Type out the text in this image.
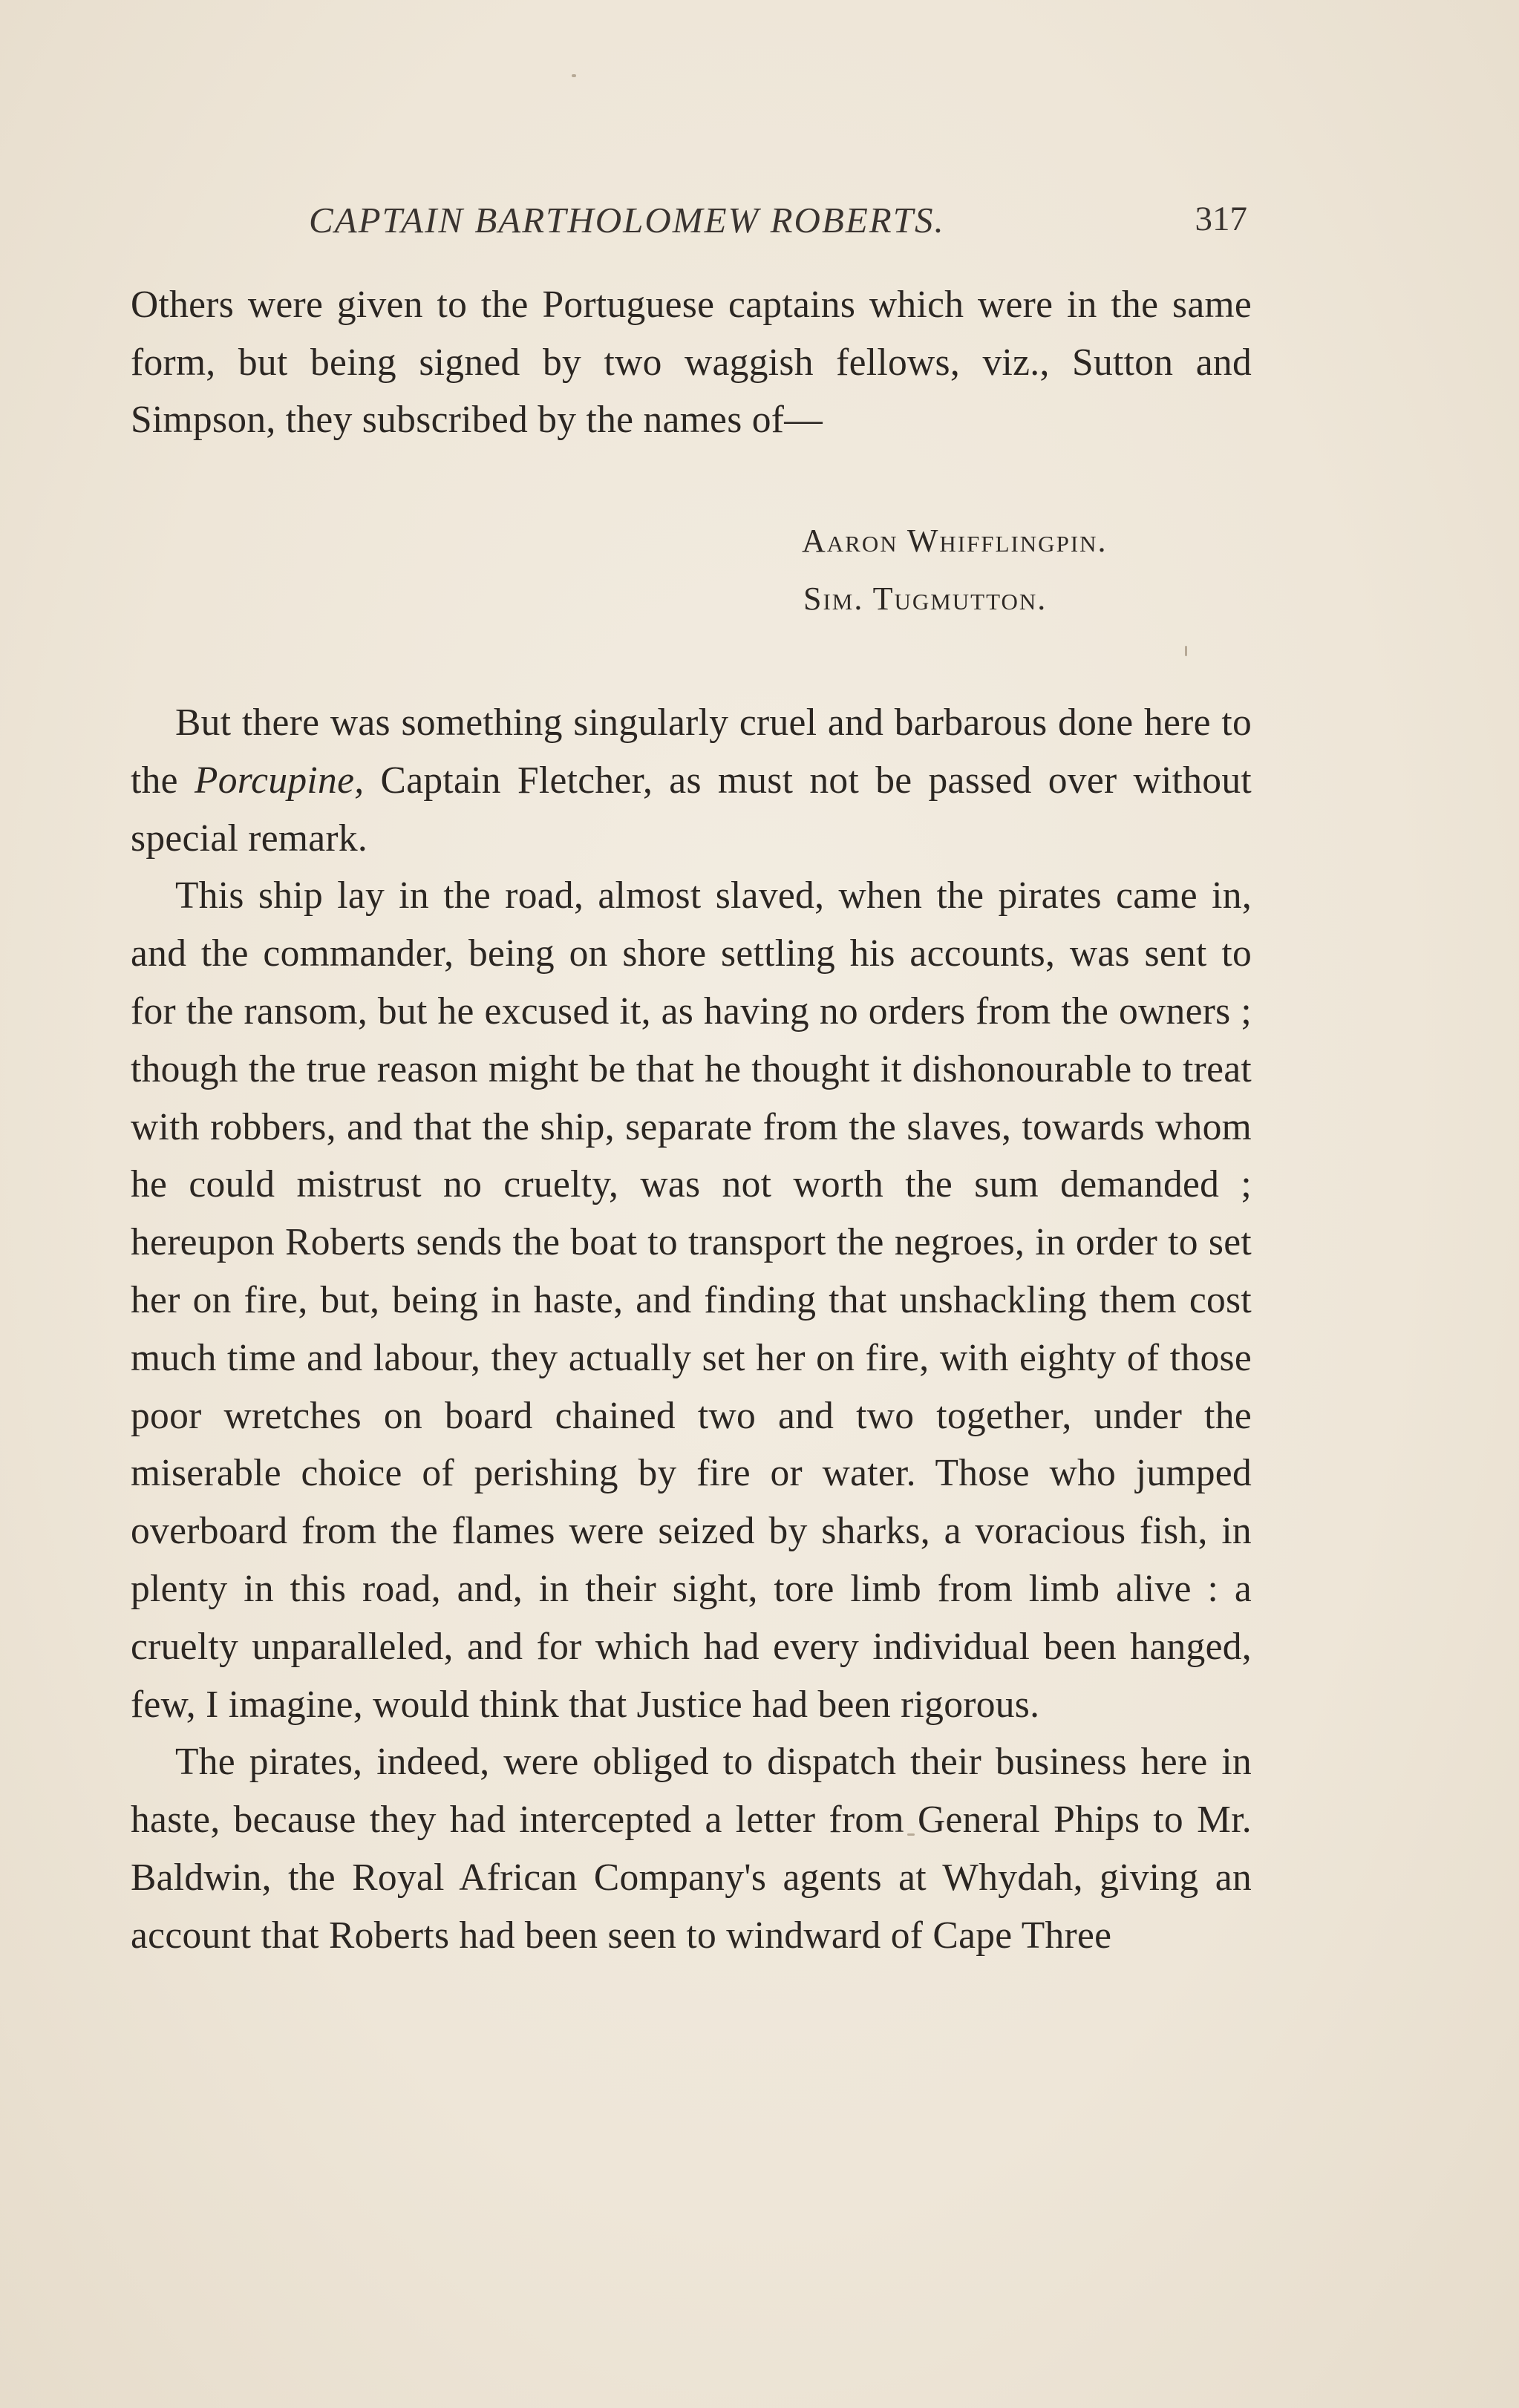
CAPTAIN BARTHOLOMEW ROBERTS.	317

Others were given to the Portuguese captains which were in the same form, but being signed by two waggish fellows, viz., Sutton and Simpson, they subscribed by the names of—

Aaron Whifflingpin.
Sim. Tugmutton.

But there was something singularly cruel and barbarous done here to the Porcupine, Captain Fletcher, as must not be passed over without special remark.

This ship lay in the road, almost slaved, when the pirates came in, and the commander, being on shore settling his accounts, was sent to for the ransom, but he excused it, as having no orders from the owners ; though the true reason might be that he thought it dishonourable to treat with robbers, and that the ship, separate from the slaves, towards whom he could mistrust no cruelty, was not worth the sum demanded ; hereupon Roberts sends the boat to transport the negroes, in order to set her on fire, but, being in haste, and finding that unshackling them cost much time and labour, they actually set her on fire, with eighty of those poor wretches on board chained two and two together, under the miserable choice of perishing by fire or water. Those who jumped overboard from the flames were seized by sharks, a voracious fish, in plenty in this road, and, in their sight, tore limb from limb alive : a cruelty unparalleled, and for which had every individual been hanged, few, I imagine, would think that Justice had been rigorous.

The pirates, indeed, were obliged to dispatch their business here in haste, because they had intercepted a letter from General Phips to Mr. Baldwin, the Royal African Company's agents at Whydah, giving an account that Roberts had been seen to windward of Cape Three
